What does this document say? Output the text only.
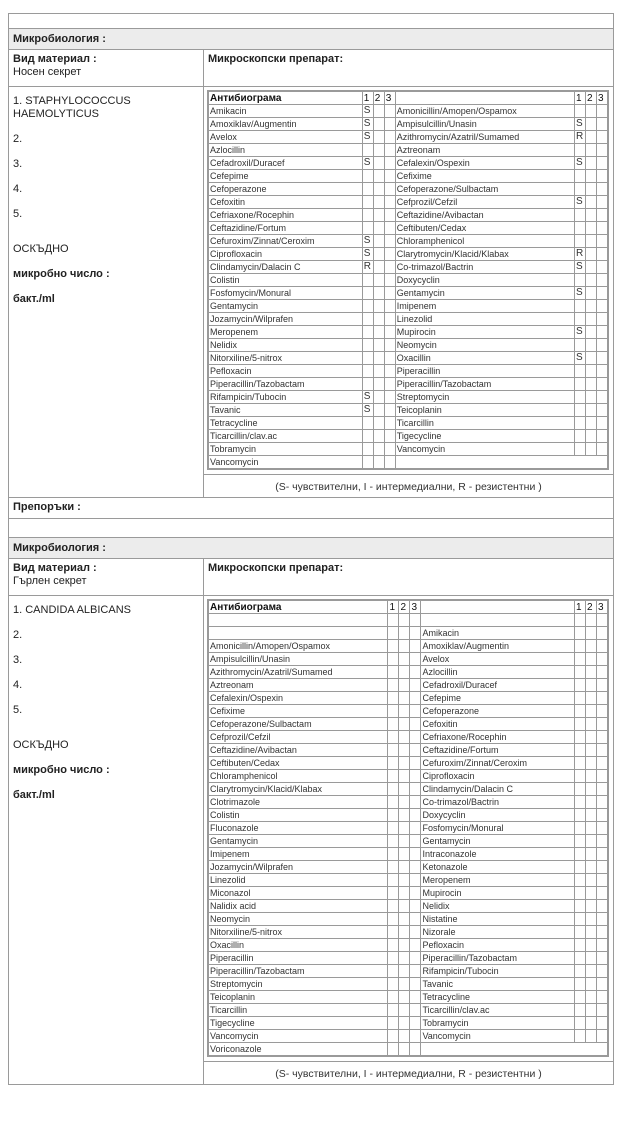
Микробиология :
Вид материал :
Носен секрет
Микроскопски препарат:
1. STAPHYLOCOCCUS HAEMOLYTICUS
2.
3.
4.
5.
ОСКЪДНО
микробно число :
бакт./ml
Антибиограма	1	2	3		1	2	3
Amikacin	S			Amonicillin/Amopen/Ospamox			
Amoxiklav/Augmentin	S			Ampisulcillin/Unasin	S		
Avelox	S			Azithromycin/Azatril/Sumamed	R		
Azlocillin				Aztreonam			
Cefadroxil/Duracef	S			Cefalexin/Ospexin	S		
Cefepime				Cefixime			
Cefoperazone				Cefoperazone/Sulbactam			
Cefoxitin				Cefprozil/Cefzil	S		
Cefriaxone/Rocephin				Ceftazidine/Avibactan			
Ceftazidine/Fortum				Ceftibuten/Cedax			
Cefuroxim/Zinnat/Ceroxim	S			Chloramphenicol			
Ciprofloxacin	S			Clarytromycin/Klacid/Klabax	R		
Clindamycin/Dalacin C	R			Co-trimazol/Bactrin	S		
Colistin				Doxycyclin			
Fosfomycin/Monural				Gentamycin	S		
Gentamycin				Imipenem			
Jozamycin/Wilprafen				Linezolid			
Meropenem				Mupirocin	S		
Nelidix				Neomycin			
Nitorxiline/5-nitrox				Oxacillin	S		
Pefloxacin				Piperacillin			
Piperacillin/Tazobactam				Piperacillin/Tazobactam			
Rifampicin/Tubocin	S			Streptomycin			
Tavanic	S			Teicoplanin			
Tetracycline				Ticarcillin			
Ticarcillin/clav.ac				Tigecycline			
Tobramycin				Vancomycin			
Vancomycin							
(S- чувствителни, I - интермедиални, R - резистентни )
Препоръки :
Микробиология :
Вид материал :
Гърлен секрет
Микроскопски препарат:
1. CANDIDA ALBICANS
2.
3.
4.
5.
ОСКЪДНО
микробно число :
бакт./ml
Антибиограма	1	2	3		1	2	3

				Amikacin			
Amonicillin/Amopen/Ospamox				Amoxiklav/Augmentin			
Ampisulcillin/Unasin				Avelox			
Azithromycin/Azatril/Sumamed				Azlocillin			
Aztreonam				Cefadroxil/Duracef			
Cefalexin/Ospexin				Cefepime			
Cefixime				Cefoperazone			
Cefoperazone/Sulbactam				Cefoxitin			
Cefprozil/Cefzil				Cefriaxone/Rocephin			
Ceftazidine/Avibactan				Ceftazidine/Fortum			
Ceftibuten/Cedax				Cefuroxim/Zinnat/Ceroxim			
Chloramphenicol				Ciprofloxacin			
Clarytromycin/Klacid/Klabax				Clindamycin/Dalacin C			
Clotrimazole				Co-trimazol/Bactrin			
Colistin				Doxycyclin			
Fluconazole				Fosfomycin/Monural			
Gentamycin				Gentamycin			
Imipenem				Intraconazole			
Jozamycin/Wilprafen				Ketonazole			
Linezolid				Meropenem			
Miconazol				Mupirocin			
Nalidix acid				Nelidix			
Neomycin				Nistatine			
Nitorxiline/5-nitrox				Nizorale			
Oxacillin				Pefloxacin			
Piperacillin				Piperacillin/Tazobactam			
Piperacillin/Tazobactam				Rifampicin/Tubocin			
Streptomycin				Tavanic			
Teicoplanin				Tetracycline			
Ticarcillin				Ticarcillin/clav.ac			
Tigecycline				Tobramycin			
Vancomycin				Vancomycin			
Voriconazole							
(S- чувствителни, I - интермедиални, R - резистентни )
